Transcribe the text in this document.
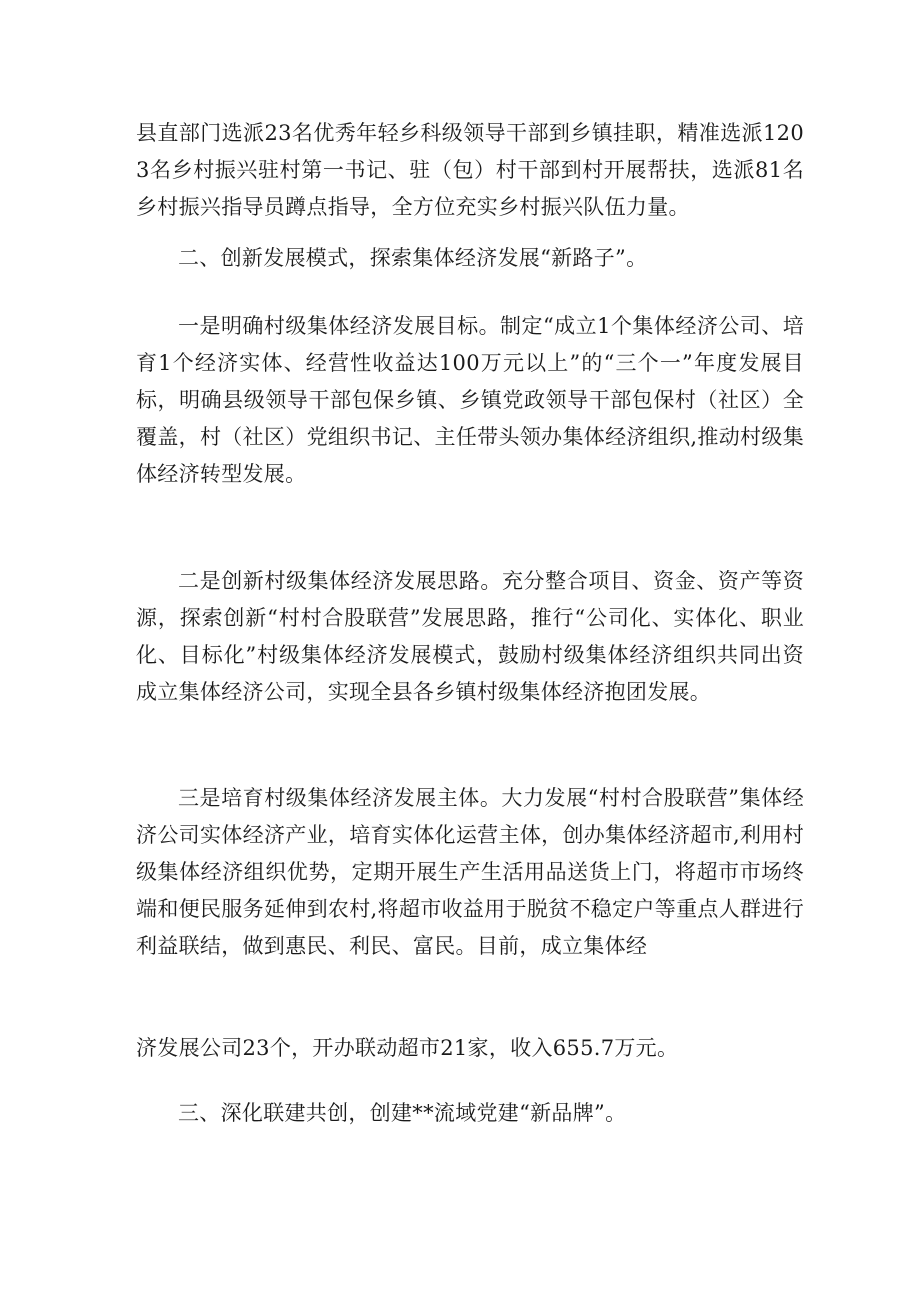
县直部门选派23名优秀年轻乡科级领导干部到乡镇挂职，精准选派1203名乡村振兴驻村第一书记、驻（包）村干部到村开展帮扶，选派81名乡村振兴指导员蹲点指导，全方位充实乡村振兴队伍力量。

二、创新发展模式，探索集体经济发展“新路子”。

一是明确村级集体经济发展目标。制定“成立1个集体经济公司、培育1个经济实体、经营性收益达100万元以上”的“三个一”年度发展目标，明确县级领导干部包保乡镇、乡镇党政领导干部包保村（社区）全覆盖，村（社区）党组织书记、主任带头领办集体经济组织,推动村级集体经济转型发展。

二是创新村级集体经济发展思路。充分整合项目、资金、资产等资源，探索创新“村村合股联营”发展思路，推行“公司化、实体化、职业化、目标化”村级集体经济发展模式，鼓励村级集体经济组织共同出资成立集体经济公司，实现全县各乡镇村级集体经济抱团发展。

三是培育村级集体经济发展主体。大力发展“村村合股联营”集体经济公司实体经济产业，培育实体化运营主体，创办集体经济超市,利用村级集体经济组织优势，定期开展生产生活用品送货上门，将超市市场终端和便民服务延伸到农村,将超市收益用于脱贫不稳定户等重点人群进行利益联结，做到惠民、利民、富民。目前，成立集体经

济发展公司23个，开办联动超市21家，收入655.7万元。

三、深化联建共创，创建**流域党建“新品牌”。
